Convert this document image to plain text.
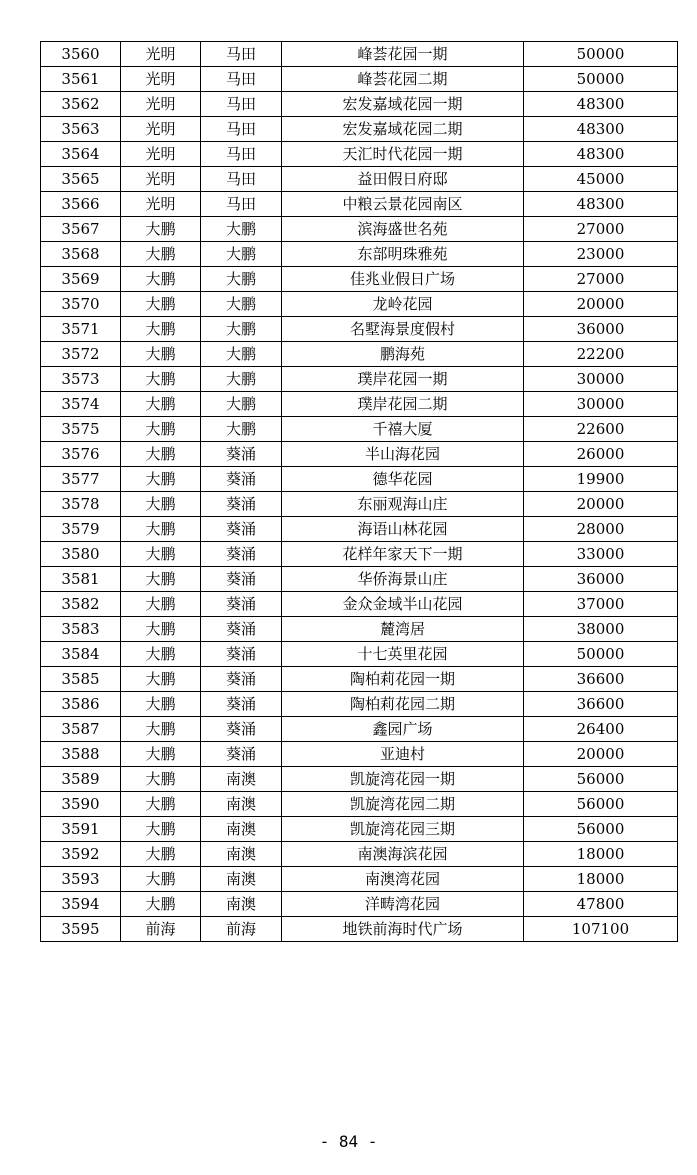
3560	光明	马田	峰荟花园一期	50000
3561	光明	马田	峰荟花园二期	50000
3562	光明	马田	宏发嘉域花园一期	48300
3563	光明	马田	宏发嘉域花园二期	48300
3564	光明	马田	天汇时代花园一期	48300
3565	光明	马田	益田假日府邸	45000
3566	光明	马田	中粮云景花园南区	48300
3567	大鹏	大鹏	滨海盛世名苑	27000
3568	大鹏	大鹏	东部明珠雅苑	23000
3569	大鹏	大鹏	佳兆业假日广场	27000
3570	大鹏	大鹏	龙岭花园	20000
3571	大鹏	大鹏	名墅海景度假村	36000
3572	大鹏	大鹏	鹏海苑	22200
3573	大鹏	大鹏	璞岸花园一期	30000
3574	大鹏	大鹏	璞岸花园二期	30000
3575	大鹏	大鹏	千禧大厦	22600
3576	大鹏	葵涌	半山海花园	26000
3577	大鹏	葵涌	德华花园	19900
3578	大鹏	葵涌	东丽观海山庄	20000
3579	大鹏	葵涌	海语山林花园	28000
3580	大鹏	葵涌	花样年家天下一期	33000
3581	大鹏	葵涌	华侨海景山庄	36000
3582	大鹏	葵涌	金众金域半山花园	37000
3583	大鹏	葵涌	麓湾居	38000
3584	大鹏	葵涌	十七英里花园	50000
3585	大鹏	葵涌	陶柏莉花园一期	36600
3586	大鹏	葵涌	陶柏莉花园二期	36600
3587	大鹏	葵涌	鑫园广场	26400
3588	大鹏	葵涌	亚迪村	20000
3589	大鹏	南澳	凯旋湾花园一期	56000
3590	大鹏	南澳	凯旋湾花园二期	56000
3591	大鹏	南澳	凯旋湾花园三期	56000
3592	大鹏	南澳	南澳海滨花园	18000
3593	大鹏	南澳	南澳湾花园	18000
3594	大鹏	南澳	洋畴湾花园	47800
3595	前海	前海	地铁前海时代广场	107100
- 84 -
